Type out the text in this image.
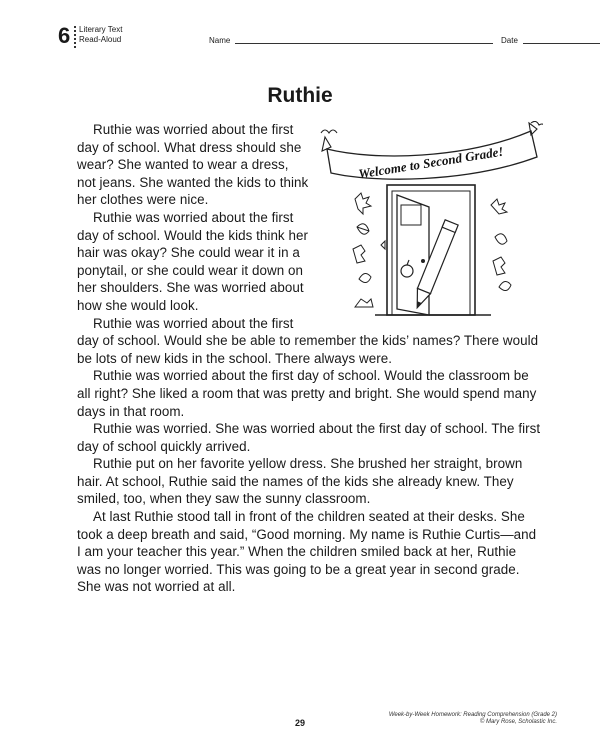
6 Literary Text
Read-Aloud	Name	Date
Ruthie
Welcome to Second Grade!

Ruthie was worried about the first day of school. What dress should she wear? She wanted to wear a dress, not jeans. She wanted the kids to think her clothes were nice.

Ruthie was worried about the first day of school. Would the kids think her hair was okay? She could wear it in a ponytail, or she could wear it down on her shoulders. She was worried about how she would look.

Ruthie was worried about the first day of school. Would she be able to remember the kids’ names? There would be lots of new kids in the school. There always were.

Ruthie was worried about the first day of school. Would the classroom be all right? She liked a room that was pretty and bright. She would spend many days in that room.

Ruthie was worried. She was worried about the first day of school. The first day of school quickly arrived.

Ruthie put on her favorite yellow dress. She brushed her straight, brown hair. At school, Ruthie said the names of the kids she already knew. They smiled, too, when they saw the sunny classroom.

At last Ruthie stood tall in front of the children seated at their desks. She took a deep breath and said, “Good morning. My name is Ruthie Curtis—and I am your teacher this year.” When the children smiled back at her, Ruthie was no longer worried. This was going to be a great year in second grade. She was not worried at all.

29
Week-by-Week Homework: Reading Comprehension (Grade 2)
© Mary Rose, Scholastic Inc.
